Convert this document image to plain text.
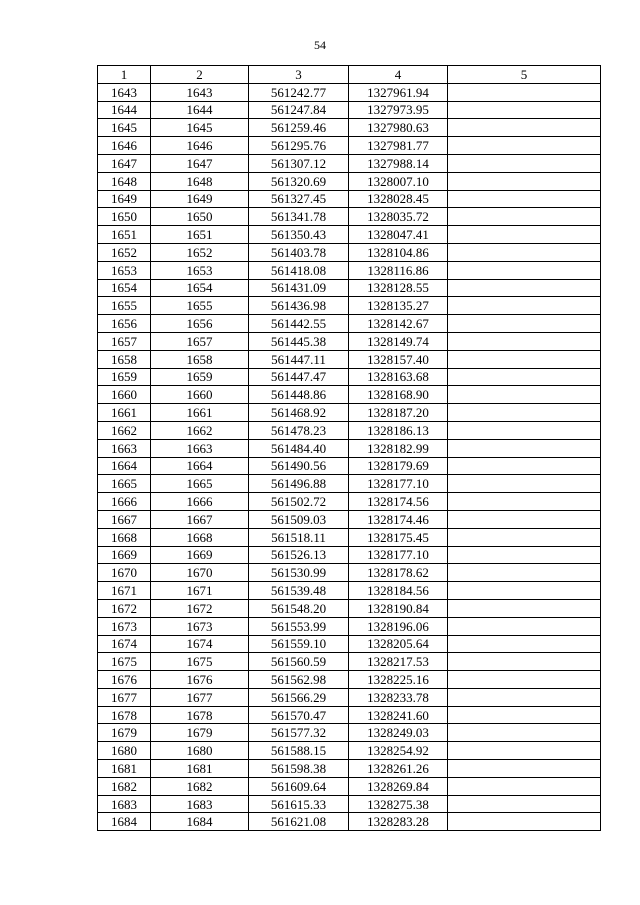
54
1	2	3	4	5
1643	1643	561242.77	1327961.94	
1644	1644	561247.84	1327973.95	
1645	1645	561259.46	1327980.63	
1646	1646	561295.76	1327981.77	
1647	1647	561307.12	1327988.14	
1648	1648	561320.69	1328007.10	
1649	1649	561327.45	1328028.45	
1650	1650	561341.78	1328035.72	
1651	1651	561350.43	1328047.41	
1652	1652	561403.78	1328104.86	
1653	1653	561418.08	1328116.86	
1654	1654	561431.09	1328128.55	
1655	1655	561436.98	1328135.27	
1656	1656	561442.55	1328142.67	
1657	1657	561445.38	1328149.74	
1658	1658	561447.11	1328157.40	
1659	1659	561447.47	1328163.68	
1660	1660	561448.86	1328168.90	
1661	1661	561468.92	1328187.20	
1662	1662	561478.23	1328186.13	
1663	1663	561484.40	1328182.99	
1664	1664	561490.56	1328179.69	
1665	1665	561496.88	1328177.10	
1666	1666	561502.72	1328174.56	
1667	1667	561509.03	1328174.46	
1668	1668	561518.11	1328175.45	
1669	1669	561526.13	1328177.10	
1670	1670	561530.99	1328178.62	
1671	1671	561539.48	1328184.56	
1672	1672	561548.20	1328190.84	
1673	1673	561553.99	1328196.06	
1674	1674	561559.10	1328205.64	
1675	1675	561560.59	1328217.53	
1676	1676	561562.98	1328225.16	
1677	1677	561566.29	1328233.78	
1678	1678	561570.47	1328241.60	
1679	1679	561577.32	1328249.03	
1680	1680	561588.15	1328254.92	
1681	1681	561598.38	1328261.26	
1682	1682	561609.64	1328269.84	
1683	1683	561615.33	1328275.38	
1684	1684	561621.08	1328283.28	
